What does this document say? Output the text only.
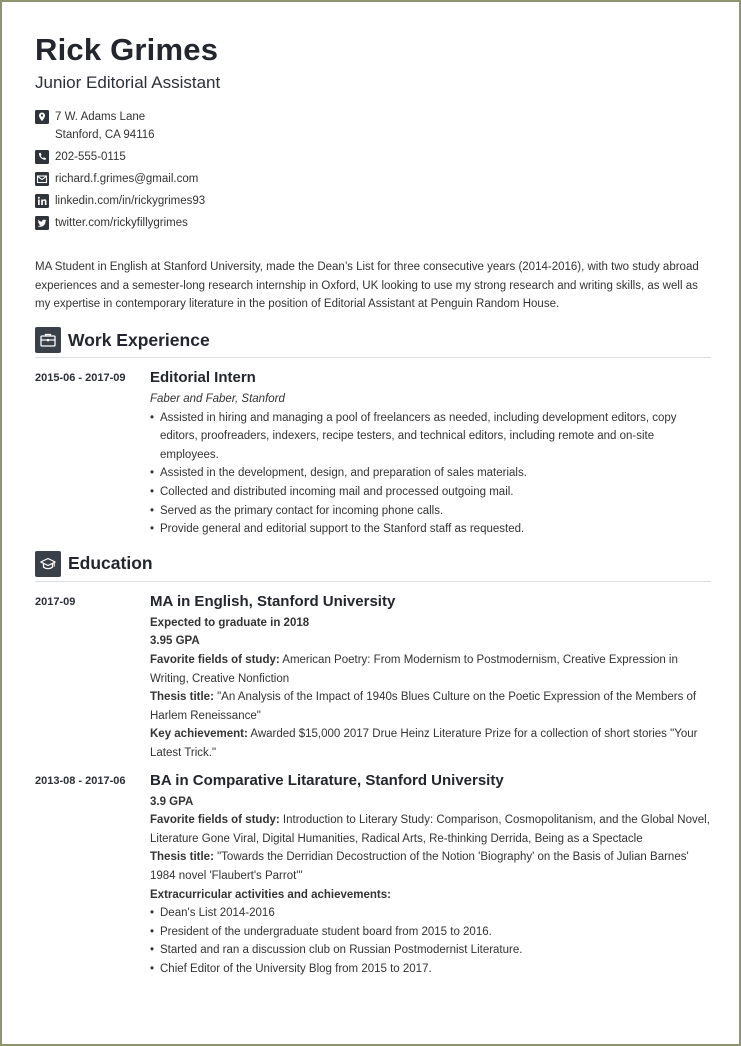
Rick Grimes
Junior Editorial Assistant
7 W. Adams Lane
Stanford, CA 94116
202-555-0115
richard.f.grimes@gmail.com
linkedin.com/in/rickygrimes93
twitter.com/rickyfillygrimes
MA Student in English at Stanford University, made the Dean’s List for three consecutive years (2014-2016), with two study abroad experiences and a semester-long research internship in Oxford, UK looking to use my strong research and writing skills, as well as my expertise in contemporary literature in the position of Editorial Assistant at Penguin Random House.
Work Experience
2015-06 - 2017-09	Editorial Intern
Faber and Faber, Stanford
• Assisted in hiring and managing a pool of freelancers as needed, including development editors, copy editors, proofreaders, indexers, recipe testers, and technical editors, including remote and on-site employees.
• Assisted in the development, design, and preparation of sales materials.
• Collected and distributed incoming mail and processed outgoing mail.
• Served as the primary contact for incoming phone calls.
• Provide general and editorial support to the Stanford staff as requested.
Education
2017-09	MA in English, Stanford University
Expected to graduate in 2018
3.95 GPA
Favorite fields of study: American Poetry: From Modernism to Postmodernism, Creative Expression in Writing, Creative Nonfiction
Thesis title: "An Analysis of the Impact of 1940s Blues Culture on the Poetic Expression of the Members of Harlem Reneissance"
Key achievement: Awarded $15,000 2017 Drue Heinz Literature Prize for a collection of short stories "Your Latest Trick."
2013-08 - 2017-06	BA in Comparative Litarature, Stanford University
3.9 GPA
Favorite fields of study: Introduction to Literary Study: Comparison, Cosmopolitanism, and the Global Novel, Literature Gone Viral, Digital Humanities, Radical Arts, Re-thinking Derrida, Being as a Spectacle
Thesis title: "Towards the Derridian Decostruction of the Notion 'Biography' on the Basis of Julian Barnes' 1984 novel 'Flaubert's Parrot'"
Extracurricular activities and achievements:
• Dean's List 2014-2016
• President of the undergraduate student board from 2015 to 2016.
• Started and ran a discussion club on Russian Postmodernist Literature.
• Chief Editor of the University Blog from 2015 to 2017.
